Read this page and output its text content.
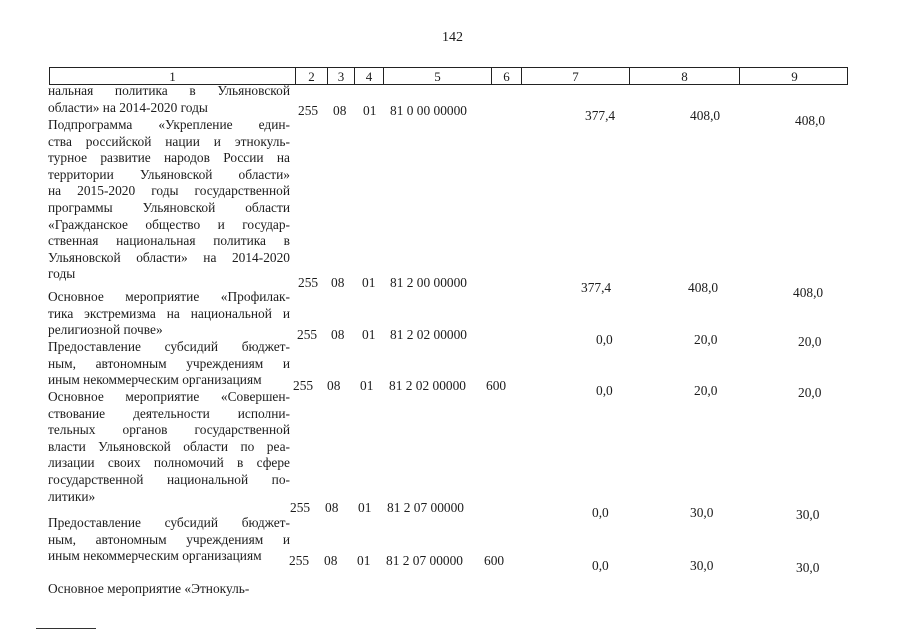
142
1	2	3	4	5	6	7	8	9
нальная политика в Ульяновской
области» на 2014-2020 годы
Подпрограмма «Укрепление един-
ства российской нации и этнокуль-
турное развитие народов России на
территории Ульяновской области»
на 2015-2020 годы государственной
программы Ульяновской области
«Гражданское общество и государ-
ственная национальная политика в
Ульяновской области» на 2014-2020
годы
255 08 01 81 0 00 00000	377,4	408,0	408,0
Основное мероприятие «Профилак-
тика экстремизма на национальной и
религиозной почве»
255 08 01 81 2 00 00000	377,4	408,0	408,0
Предоставление субсидий бюджет-
ным, автономным учреждениям и
иным некоммерческим организациям
255 08 01 81 2 02 00000	0,0	20,0	20,0
Основное мероприятие «Совершен-
ствование деятельности исполни-
тельных органов государственной
власти Ульяновской области по реа-
лизации своих полномочий в сфере
государственной национальной по-
литики»
255 08 01 81 2 02 00000 600	0,0	20,0	20,0
Предоставление субсидий бюджет-
ным, автономным учреждениям и
иным некоммерческим организациям
255 08 01 81 2 07 00000	0,0	30,0	30,0
Основное мероприятие «Этнокуль-
255 08 01 81 2 07 00000 600	0,0	30,0	30,0
